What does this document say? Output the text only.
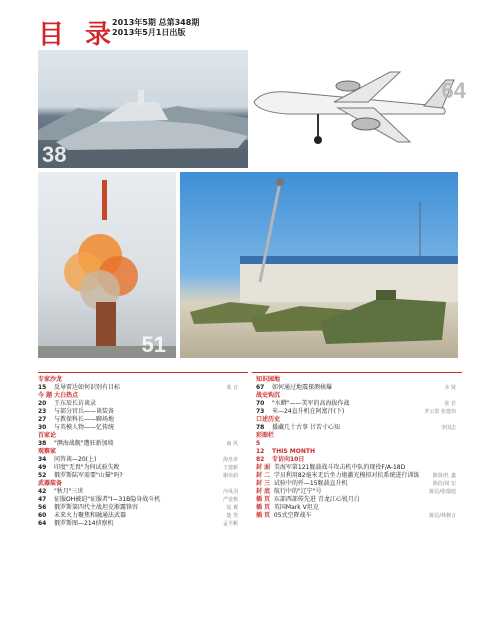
目 录
2013年5期 总第348期
2013年5月1日出版
38
64
51
专家沙龙
15 反导雷达如何识别有目标	蓝 音
今 题 大白热点
20 王东辰长访谈录
23 与部分官兵——谈装备
27 与教保科长——聊场地
30 与英模人物——忆传统
百家论
38 "濒海战舰"遭驻新加坡	南 风
观察家
34 问答谈—20(上)	海皇帝
49 印度"无畏"为何试验失败	王建新
52 俄罗斯陆军需要"山猫"吗?	谢赤韵
武器装备
42 "秋月"三世	冷凤羽
47 征服OH被迫"征服者"Ⅰ—31B隐身战斗机	严觉格
56 俄罗斯第四代主战坦克渐露锋容	尾 翼
60 未来火力聚焦和融通法武器	楚 男
64 俄罗斯图—214侦察机	孟平帆
知识园地
67 如何通过地震探测核爆	齐 贤
战史钩沉
70 "水蟒"——美军的高海拔作战	张 若
73 米—24直升机在阿富汗(下)	罗云霄 张建伟
口述历史
78 援藏几十古事 甘苦寸心知	李国志
彩图栏
5
12 THIS MONTH
82 专访向10日
封 面 美海军第121舰载战斗攻击机中队的现役F/A-18D
封 二 学员利用82毫米无后坐力炮激光模拟对抗系统进行训练	陈贤/杜 鑫
封 三 试验中的歼—15舰载直升机	陈信/周 宏
封 底 航行中的"辽宁"号	陈信/张瑞庭
插 页 东部西部传先进 青龙江心锐月白
插 页 英国Mark V坦克
插 页 05式空降战车	陈信/林穆言
